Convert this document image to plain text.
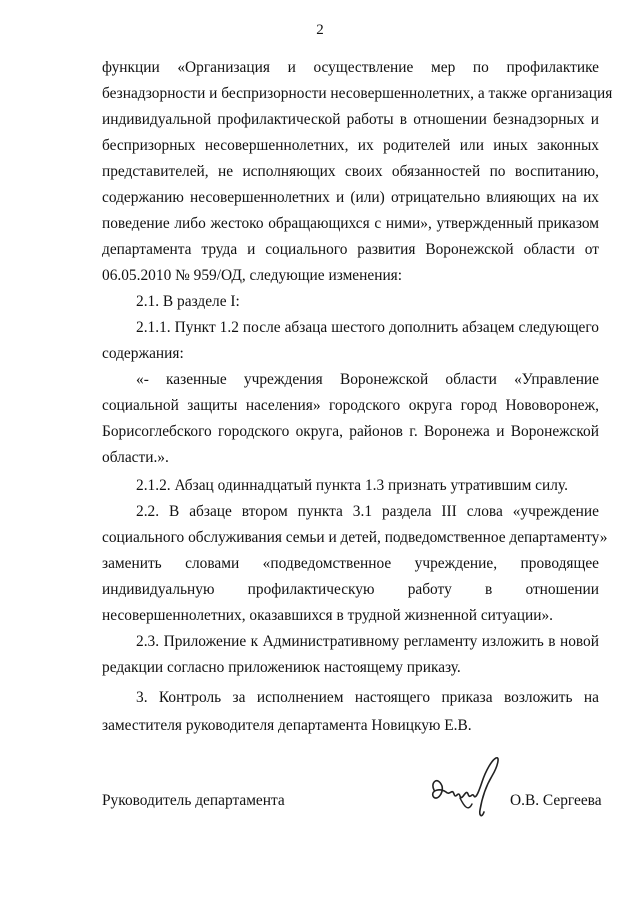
2
функции «Организация и осуществление мер по профилактике
безнадзорности и беспризорности несовершеннолетних, а также организация
индивидуальной профилактической работы в отношении безнадзорных и
беспризорных несовершеннолетних, их родителей или иных законных
представителей, не исполняющих своих обязанностей по воспитанию,
содержанию несовершеннолетних и (или) отрицательно влияющих на их
поведение либо жестоко обращающихся с ними», утвержденный приказом
департамента труда и социального развития Воронежской области от
06.05.2010 № 959/ОД, следующие изменения:
2.1. В разделе I:
2.1.1. Пункт 1.2 после абзаца шестого дополнить абзацем следующего
содержания:
«- казенные учреждения Воронежской области «Управление
социальной защиты населения» городского округа город Нововоронеж,
Борисоглебского городского округа, районов г. Воронежа и Воронежской
области.».
2.1.2. Абзац одиннадцатый пункта 1.3 признать утратившим силу.
2.2. В абзаце втором пункта 3.1 раздела III слова «учреждение
социального обслуживания семьи и детей, подведомственное департаменту»
заменить словами «подведомственное учреждение, проводящее
индивидуальную профилактическую работу в отношении
несовершеннолетних, оказавшихся в трудной жизненной ситуации».
2.3. Приложение к Административному регламенту изложить в новой
редакции согласно приложениюк настоящему приказу.
3. Контроль за исполнением настоящего приказа возложить на
заместителя руководителя департамента Новицкую Е.В.
Руководитель департамента	О.В. Сергеева
